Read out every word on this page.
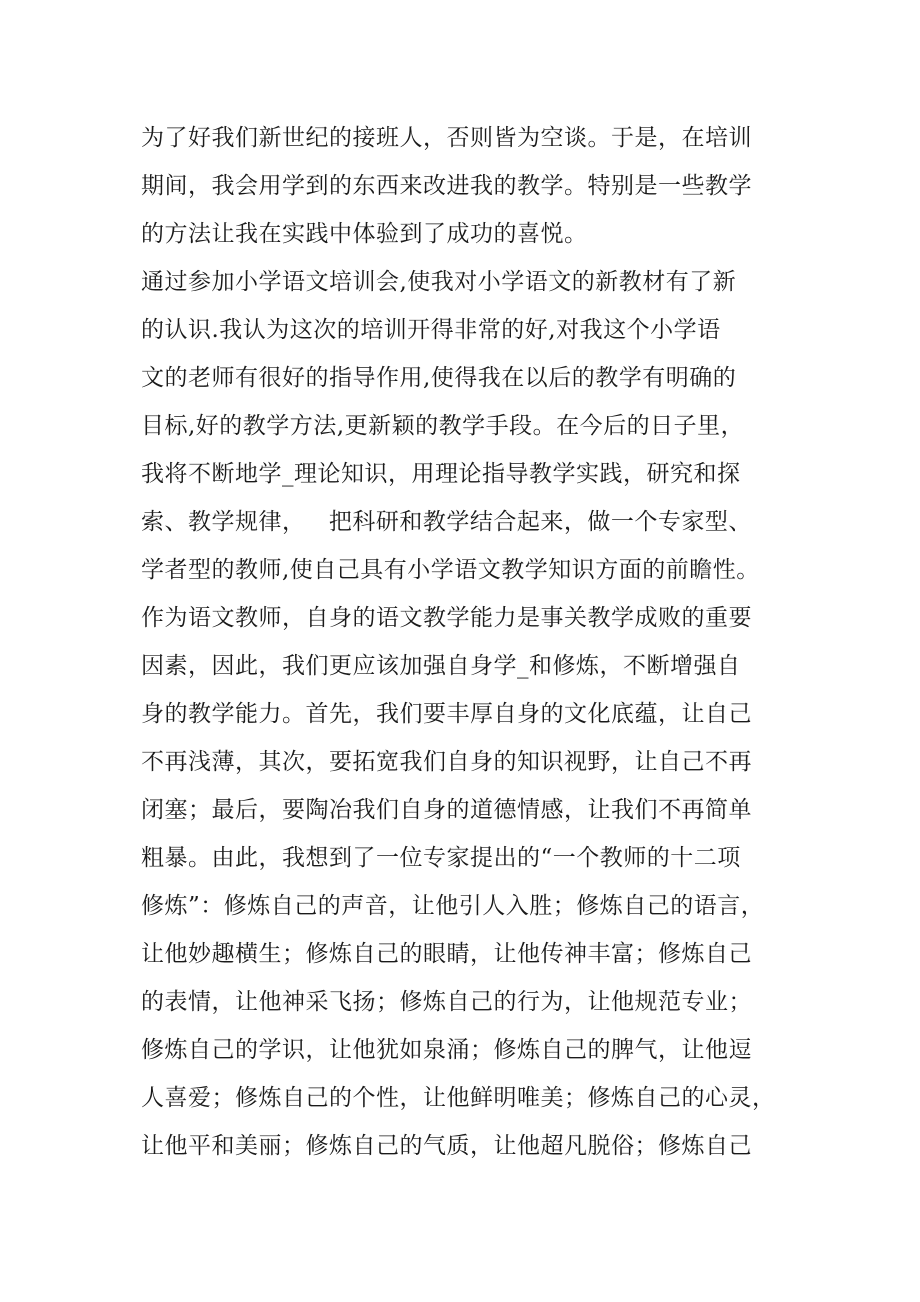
为了好我们新世纪的接班人，否则皆为空谈。于是，在培训
期间，我会用学到的东西来改进我的教学。特别是一些教学
的方法让我在实践中体验到了成功的喜悦。
通过参加小学语文培训会,使我对小学语文的新教材有了新
的认识.我认为这次的培训开得非常的好,对我这个小学语
文的老师有很好的指导作用,使得我在以后的教学有明确的
目标,好的教学方法,更新颖的教学手段。在今后的日子里，
我将不断地学_理论知识，用理论指导教学实践，研究和探
索、教学规律，   把科研和教学结合起来，做一个专家型、
学者型的教师,使自己具有小学语文教学知识方面的前瞻性。
作为语文教师，自身的语文教学能力是事关教学成败的重要
因素，因此，我们更应该加强自身学_和修炼，不断增强自
身的教学能力。首先，我们要丰厚自身的文化底蕴，让自己
不再浅薄，其次，要拓宽我们自身的知识视野，让自己不再
闭塞；最后，要陶冶我们自身的道德情感，让我们不再简单
粗暴。由此，我想到了一位专家提出的“一个教师的十二项
修炼”：修炼自己的声音，让他引人入胜；修炼自己的语言，
让他妙趣横生；修炼自己的眼睛，让他传神丰富；修炼自己
的表情，让他神采飞扬；修炼自己的行为，让他规范专业；
修炼自己的学识，让他犹如泉涌；修炼自己的脾气，让他逗
人喜爱；修炼自己的个性，让他鲜明唯美；修炼自己的心灵，
让他平和美丽；修炼自己的气质，让他超凡脱俗；修炼自己
